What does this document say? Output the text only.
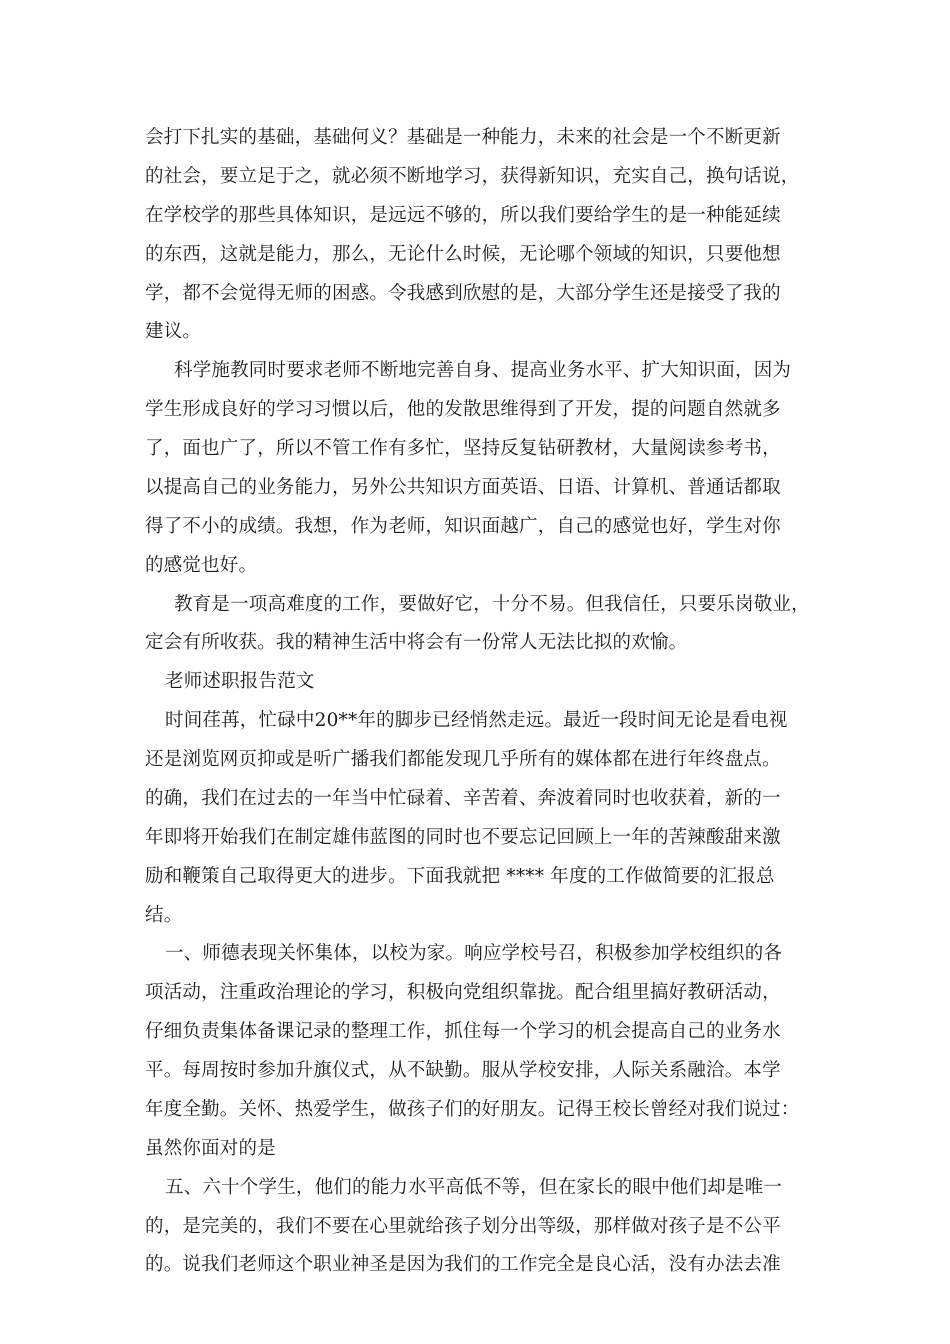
会打下扎实的基础，基础何义？基础是一种能力，未来的社会是一个不断更新
的社会，要立足于之，就必须不断地学习，获得新知识，充实自己，换句话说，
在学校学的那些具体知识，是远远不够的，所以我们要给学生的是一种能延续
的东西，这就是能力，那么，无论什么时候，无论哪个领域的知识，只要他想
学，都不会觉得无师的困惑。令我感到欣慰的是，大部分学生还是接受了我的
建议。
科学施教同时要求老师不断地完善自身、提高业务水平、扩大知识面，因为
学生形成良好的学习习惯以后，他的发散思维得到了开发，提的问题自然就多
了，面也广了，所以不管工作有多忙，坚持反复钻研教材，大量阅读参考书，
以提高自己的业务能力，另外公共知识方面英语、日语、计算机、普通话都取
得了不小的成绩。我想，作为老师，知识面越广，自己的感觉也好，学生对你
的感觉也好。
教育是一项高难度的工作，要做好它，十分不易。但我信任，只要乐岗敬业，
定会有所收获。我的精神生活中将会有一份常人无法比拟的欢愉。
老师述职报告范文
时间荏苒，忙碌中20**年的脚步已经悄然走远。最近一段时间无论是看电视
还是浏览网页抑或是听广播我们都能发现几乎所有的媒体都在进行年终盘点。
的确，我们在过去的一年当中忙碌着、辛苦着、奔波着同时也收获着，新的一
年即将开始我们在制定雄伟蓝图的同时也不要忘记回顾上一年的苦辣酸甜来激
励和鞭策自己取得更大的进步。下面我就把 **** 年度的工作做简要的汇报总
结。
一、师德表现关怀集体，以校为家。响应学校号召，积极参加学校组织的各
项活动，注重政治理论的学习，积极向党组织靠拢。配合组里搞好教研活动，
仔细负责集体备课记录的整理工作，抓住每一个学习的机会提高自己的业务水
平。每周按时参加升旗仪式，从不缺勤。服从学校安排，人际关系融洽。本学
年度全勤。关怀、热爱学生，做孩子们的好朋友。记得王校长曾经对我们说过：
虽然你面对的是
五、六十个学生，他们的能力水平高低不等，但在家长的眼中他们却是唯一
的，是完美的，我们不要在心里就给孩子划分出等级，那样做对孩子是不公平
的。说我们老师这个职业神圣是因为我们的工作完全是良心活，没有办法去准
